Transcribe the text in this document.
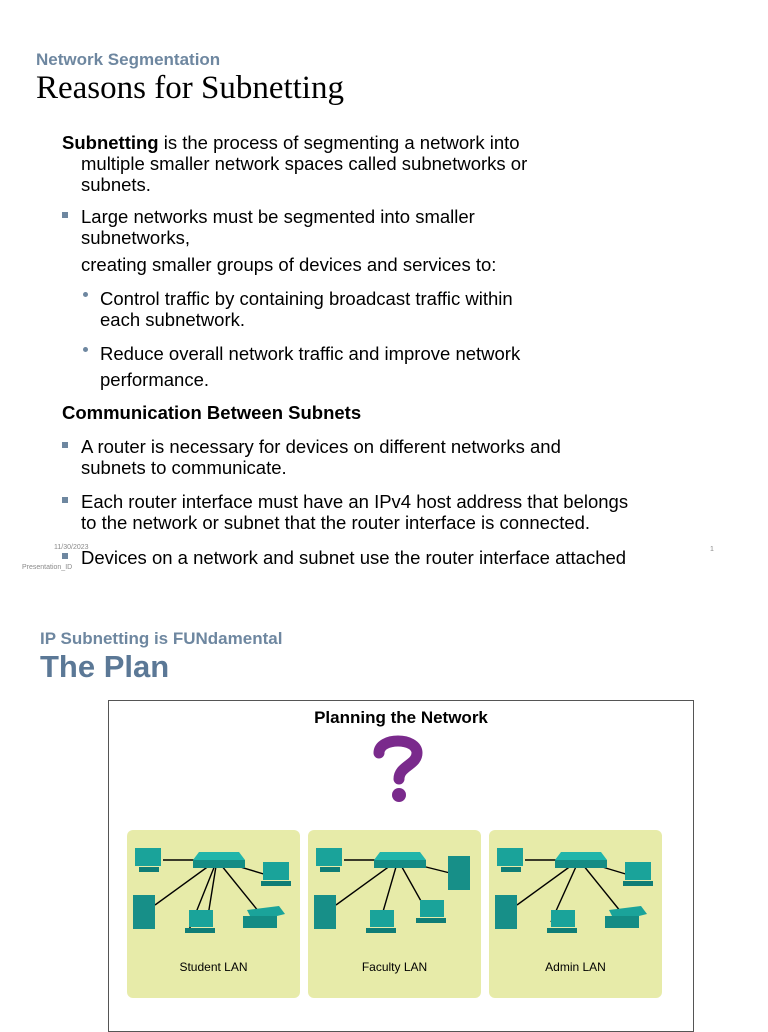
Network Segmentation
Reasons for Subnetting

Subnetting is the process of segmenting a network into

multiple smaller network spaces called subnetworks or

subnets.

Large networks must be segmented into smaller

subnetworks,

creating smaller groups of devices and services to:

Control traffic by containing broadcast traffic within

each subnetwork.

Reduce overall network traffic and improve network

performance.

Communication Between Subnets

A router is necessary for devices on different networks and

subnets to communicate.

Each router interface must have an IPv4 host address that belongs

to the network or subnet that the router interface is connected.

11/30/2023
Presentation_ID
1

Devices on a network and subnet use the router interface attached

IP Subnetting is FUNdamental
The Plan
Planning the Network
Student LAN	Faculty LAN	Admin LAN
